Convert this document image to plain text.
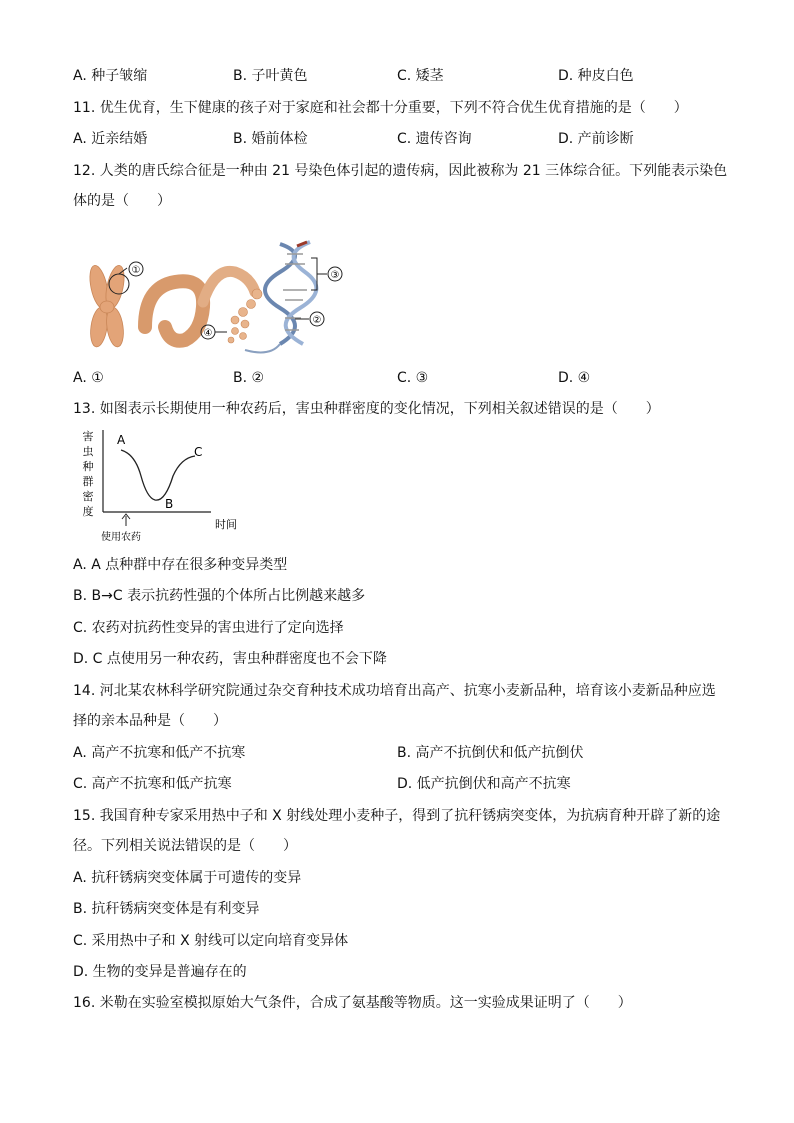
A. 种子皱缩	B. 子叶黄色	C. 矮茎	D. 种皮白色
11. 优生优育，生下健康的孩子对于家庭和社会都十分重要，下列不符合优生优育措施的是（　　）
A. 近亲结婚	B. 婚前体检	C. 遗传咨询	D. 产前诊断
12. 人类的唐氏综合征是一种由 21 号染色体引起的遗传病，因此被称为 21 三体综合征。下列能表示染色
体的是（　　）
①	③
②
④
A. ①	B. ②	C. ③	D. ④
13. 如图表示长期使用一种农药后，害虫种群密度的变化情况，下列相关叙述错误的是（　　）
害
虫
种
群
密
度
时间
A
B
C
使用农药
A. A 点种群中存在很多种变异类型
B. B→C 表示抗药性强的个体所占比例越来越多
C. 农药对抗药性变异的害虫进行了定向选择
D. C 点使用另一种农药，害虫种群密度也不会下降
14. 河北某农林科学研究院通过杂交育种技术成功培育出高产、抗寒小麦新品种，培育该小麦新品种应选
择的亲本品种是（　　）
A. 高产不抗寒和低产不抗寒	B. 高产不抗倒伏和低产抗倒伏
C. 高产不抗寒和低产抗寒	D. 低产抗倒伏和高产不抗寒
15. 我国育种专家采用热中子和 X 射线处理小麦种子，得到了抗秆锈病突变体，为抗病育种开辟了新的途
径。下列相关说法错误的是（　　）
A. 抗秆锈病突变体属于可遗传的变异
B. 抗秆锈病突变体是有利变异
C. 采用热中子和 X 射线可以定向培育变异体
D. 生物的变异是普遍存在的
16. 米勒在实验室模拟原始大气条件，合成了氨基酸等物质。这一实验成果证明了（　　）
